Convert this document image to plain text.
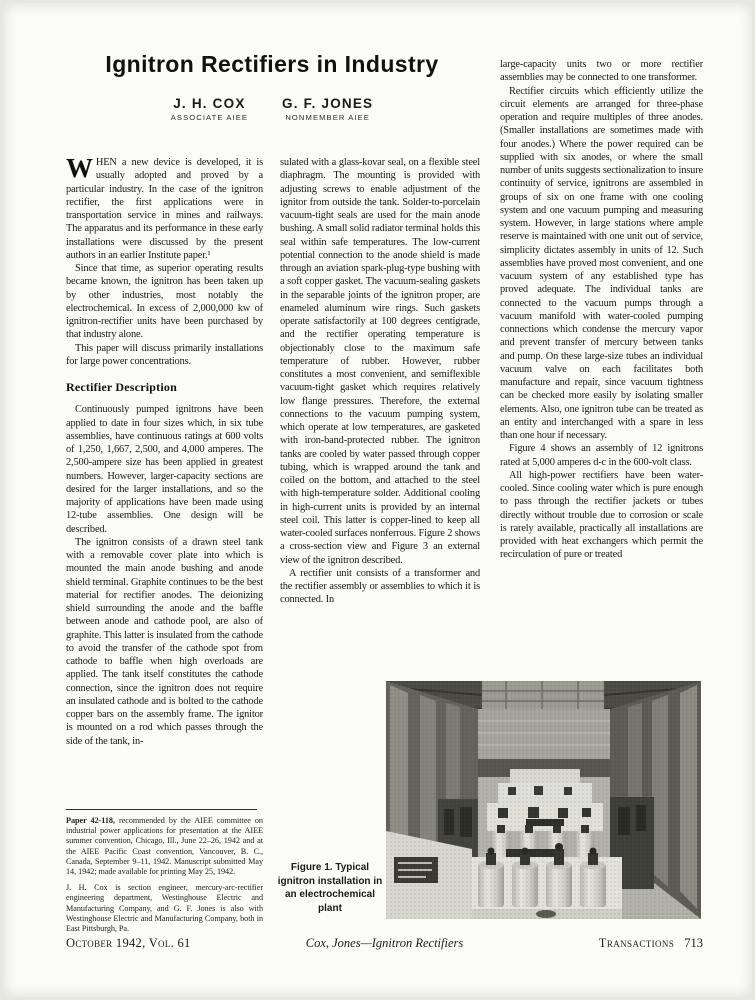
Ignitron Rectifiers in Industry
J. H. COX
ASSOCIATE AIEE
G. F. JONES
NONMEMBER AIEE

WHEN a new device is developed, it is usually adopted and proved by a particular industry. In the case of the ignitron rectifier, the first applications were in transportation service in mines and railways. The apparatus and its performance in these early installations were discussed by the present authors in an earlier Institute paper.¹

Since that time, as superior operating results became known, the ignitron has been taken up by other industries, most notably the electrochemical. In excess of 2,000,000 kw of ignitron-rectifier units have been purchased by that industry alone.

This paper will discuss primarily installations for large power concentrations.

Rectifier Description

Continuously pumped ignitrons have been applied to date in four sizes which, in six tube assemblies, have continuous ratings at 600 volts of 1,250, 1,667, 2,500, and 4,000 amperes. The 2,500-ampere size has been applied in greatest numbers. However, larger-capacity sections are desired for the larger installations, and so the majority of applications have been made using 12-tube assemblies. One design will be described.

The ignitron consists of a drawn steel tank with a removable cover plate into which is mounted the main anode bushing and anode shield terminal. Graphite continues to be the best material for rectifier anodes. The deionizing shield surrounding the anode and the baffle between anode and cathode pool, are also of graphite. This latter is insulated from the cathode to avoid the transfer of the cathode spot from cathode to baffle when high overloads are applied. The tank itself constitutes the cathode connection, since the ignitron does not require an insulated cathode and is bolted to the cathode copper bars on the assembly frame. The ignitor is mounted on a rod which passes through the side of the tank, in-

Paper 42-118, recommended by the AIEE committee on industrial power applications for presentation at the AIEE summer convention, Chicago, Ill., June 22–26, 1942 and at the AIEE Pacific Coast convention, Vancouver, B. C., Canada, September 9–11, 1942. Manuscript submitted May 14, 1942; made available for printing May 25, 1942.

J. H. Cox is section engineer, mercury-arc-rectifier engineering department, Westinghouse Electric and Manufacturing Company, and G. F. Jones is also with Westinghouse Electric and Manufacturing Company, both in East Pittsburgh, Pa.

sulated with a glass-kovar seal, on a flexible steel diaphragm. The mounting is provided with adjusting screws to enable adjustment of the ignitor from outside the tank. Solder-to-porcelain vacuum-tight seals are used for the main anode bushing. A small solid radiator terminal holds this seal within safe temperatures. The low-current potential connection to the anode shield is made through an aviation spark-plug-type bushing with a soft copper gasket. The vacuum-sealing gaskets in the separable joints of the ignitron proper, are enameled aluminum wire rings. Such gaskets operate satisfactorily at 100 degrees centigrade, and the rectifier operating temperature is objectionably close to the maximum safe temperature of rubber. However, rubber constitutes a most convenient, and semiflexible vacuum-tight gasket which requires relatively low flange pressures. Therefore, the external connections to the vacuum pumping system, which operate at low temperatures, are gasketed with iron-band-protected rubber. The ignitron tanks are cooled by water passed through copper tubing, which is wrapped around the tank and coiled on the bottom, and attached to the steel with high-temperature solder. Additional cooling in high-current units is provided by an internal steel coil. This latter is copper-lined to keep all water-cooled surfaces nonferrous. Figure 2 shows a cross-section view and Figure 3 an external view of the ignitron described.

A rectifier unit consists of a transformer and the rectifier assembly or assemblies to which it is connected. In

large-capacity units two or more rectifier assemblies may be connected to one transformer.

Rectifier circuits which efficiently utilize the circuit elements are arranged for three-phase operation and require multiples of three anodes. (Smaller installations are sometimes made with four anodes.) Where the power required can be supplied with six anodes, or where the small number of units suggests sectionalization to insure continuity of service, ignitrons are assembled in groups of six on one frame with one cooling system and one vacuum pumping and measuring system. However, in large stations where ample reserve is maintained with one unit out of service, simplicity dictates assembly in units of 12. Such assemblies have proved most convenient, and one vacuum system of any established type has proved adequate. The individual tanks are connected to the vacuum pumps through a vacuum manifold with water-cooled pumping connections which condense the mercury vapor and prevent transfer of mercury between tanks and pump. On these large-size tubes an individual vacuum valve on each facilitates both manufacture and repair, since vacuum tightness can be checked more easily by isolating smaller elements. Also, one ignitron tube can be treated as an entity and interchanged with a spare in less than one hour if necessary.

Figure 4 shows an assembly of 12 ignitrons rated at 5,000 amperes d-c in the 600-volt class.

All high-power rectifiers have been water-cooled. Since cooling water which is pure enough to pass through the rectifier jackets or tubes directly without trouble due to corrosion or scale is rarely available, practically all installations are provided with heat exchangers which permit the recirculation of pure or treated

Figure 1. Typical ignitron installation in an electrochemical plant
October 1942, Vol. 61	Cox, Jones—Ignitron Rectifiers	Transactions 713
